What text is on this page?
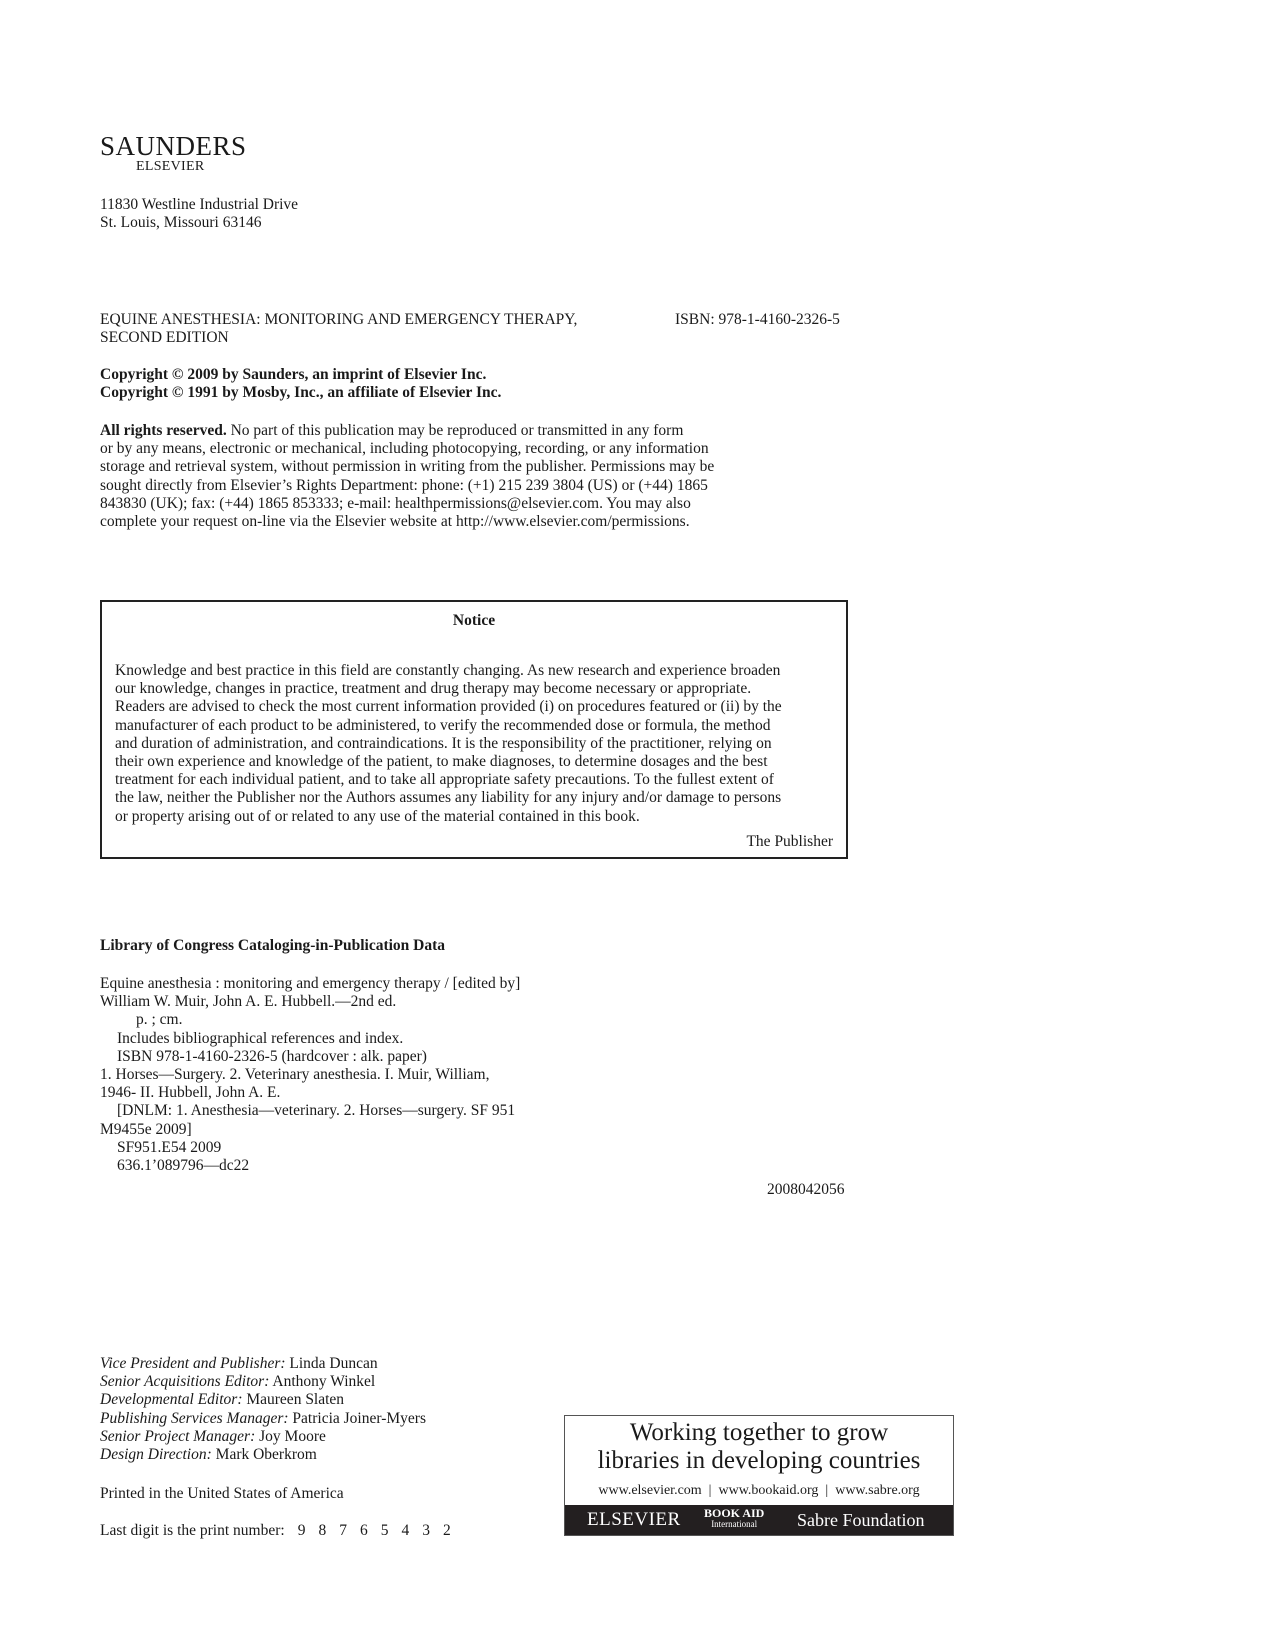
SAUNDERS
ELSEVIER
11830 Westline Industrial Drive
St. Louis, Missouri 63146
EQUINE ANESTHESIA: MONITORING AND EMERGENCY THERAPY,
SECOND EDITION
ISBN: 978-1-4160-2326-5
Copyright © 2009 by Saunders, an imprint of Elsevier Inc.
Copyright © 1991 by Mosby, Inc., an affiliate of Elsevier Inc.
All rights reserved. No part of this publication may be reproduced or transmitted in any form
or by any means, electronic or mechanical, including photocopying, recording, or any information
storage and retrieval system, without permission in writing from the publisher. Permissions may be
sought directly from Elsevier’s Rights Department: phone: (+1) 215 239 3804 (US) or (+44) 1865
843830 (UK); fax: (+44) 1865 853333; e-mail: healthpermissions@elsevier.com. You may also
complete your request on-line via the Elsevier website at http://www.elsevier.com/permissions.
Notice
Knowledge and best practice in this field are constantly changing. As new research and experience broaden
our knowledge, changes in practice, treatment and drug therapy may become necessary or appropriate.
Readers are advised to check the most current information provided (i) on procedures featured or (ii) by the
manufacturer of each product to be administered, to verify the recommended dose or formula, the method
and duration of administration, and contraindications. It is the responsibility of the practitioner, relying on
their own experience and knowledge of the patient, to make diagnoses, to determine dosages and the best
treatment for each individual patient, and to take all appropriate safety precautions. To the fullest extent of
the law, neither the Publisher nor the Authors assumes any liability for any injury and/or damage to persons
or property arising out of or related to any use of the material contained in this book.
The Publisher
Library of Congress Cataloging-in-Publication Data
Equine anesthesia : monitoring and emergency therapy / [edited by]
William W. Muir, John A. E. Hubbell.—2nd ed.
p. ; cm.
Includes bibliographical references and index.
ISBN 978-1-4160-2326-5 (hardcover : alk. paper)
1. Horses—Surgery. 2. Veterinary anesthesia. I. Muir, William,
1946- II. Hubbell, John A. E.
[DNLM: 1. Anesthesia—veterinary. 2. Horses—surgery. SF 951
M9455e 2009]
SF951.E54 2009
636.1’089796—dc22
2008042056
Vice President and Publisher: Linda Duncan
Senior Acquisitions Editor: Anthony Winkel
Developmental Editor: Maureen Slaten
Publishing Services Manager: Patricia Joiner-Myers
Senior Project Manager: Joy Moore
Design Direction: Mark Oberkrom
Printed in the United States of America
Last digit is the print number: 9 8 7 6 5 4 3 2
Working together to grow
libraries in developing countries
www.elsevier.com  |  www.bookaid.org  |  www.sabre.org
ELSEVIER BOOK AID
International	Sabre Foundation
